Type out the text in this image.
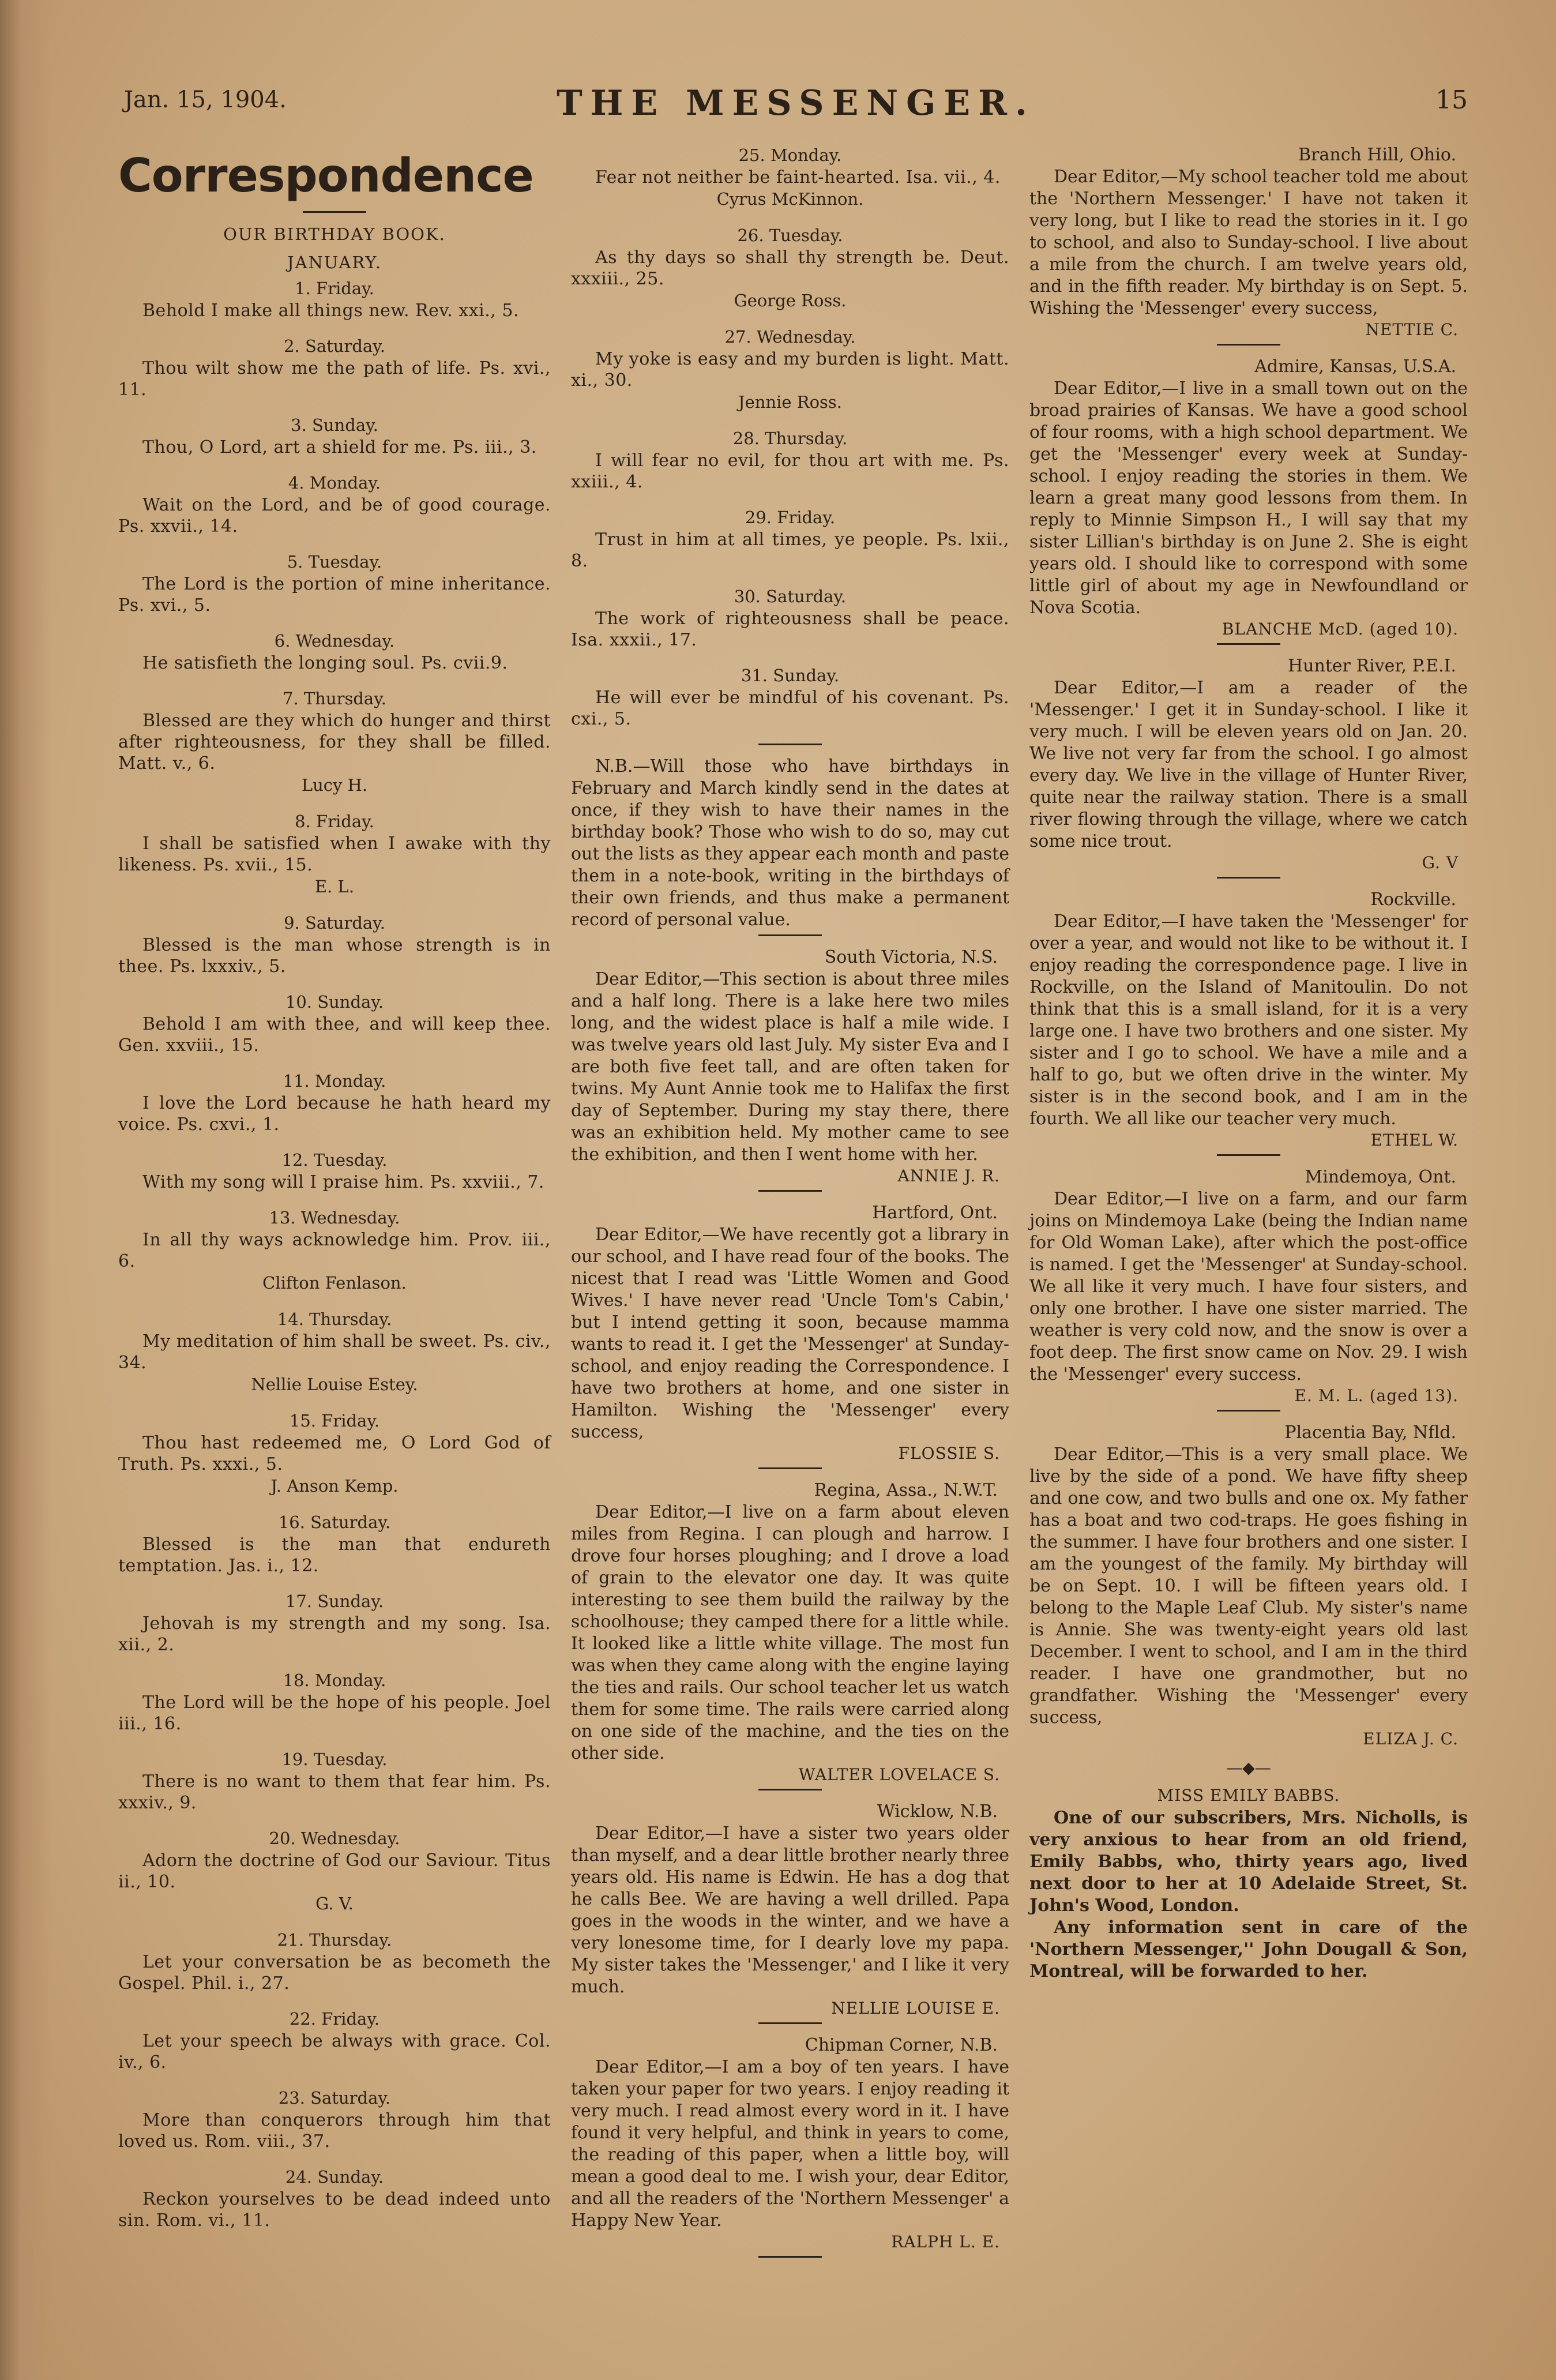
Jan. 15, 1904.	THE MESSENGER.	15

Correspondence

OUR BIRTHDAY BOOK.

JANUARY.

1. Friday.

Behold I make all things new. Rev. xxi., 5.

2. Saturday.

Thou wilt show me the path of life. Ps. xvi., 11.

3. Sunday.

Thou, O Lord, art a shield for me. Ps. iii., 3.

4. Monday.

Wait on the Lord, and be of good courage. Ps. xxvii., 14.

5. Tuesday.

The Lord is the portion of mine inheritance. Ps. xvi., 5.

6. Wednesday.

He satisfieth the longing soul. Ps. cvii.9.

7. Thursday.

Blessed are they which do hunger and thirst after righteousness, for they shall be filled. Matt. v., 6.

Lucy H.

8. Friday.

I shall be satisfied when I awake with thy likeness. Ps. xvii., 15.

E. L.

9. Saturday.

Blessed is the man whose strength is in thee. Ps. lxxxiv., 5.

10. Sunday.

Behold I am with thee, and will keep thee. Gen. xxviii., 15.

11. Monday.

I love the Lord because he hath heard my voice. Ps. cxvi., 1.

12. Tuesday.

With my song will I praise him. Ps. xxviii., 7.

13. Wednesday.

In all thy ways acknowledge him. Prov. iii., 6.

Clifton Fenlason.

14. Thursday.

My meditation of him shall be sweet. Ps. civ., 34.

Nellie Louise Estey.

15. Friday.

Thou hast redeemed me, O Lord God of Truth. Ps. xxxi., 5.

J. Anson Kemp.

16. Saturday.

Blessed is the man that endureth temptation. Jas. i., 12.

17. Sunday.

Jehovah is my strength and my song. Isa. xii., 2.

18. Monday.

The Lord will be the hope of his people. Joel iii., 16.

19. Tuesday.

There is no want to them that fear him. Ps. xxxiv., 9.

20. Wednesday.

Adorn the doctrine of God our Saviour. Titus ii., 10.

G. V.

21. Thursday.

Let your conversation be as becometh the Gospel. Phil. i., 27.

22. Friday.

Let your speech be always with grace. Col. iv., 6.

23. Saturday.

More than conquerors through him that loved us. Rom. viii., 37.

24. Sunday.

Reckon yourselves to be dead indeed unto sin. Rom. vi., 11.

25. Monday.

Fear not neither be faint-hearted. Isa. vii., 4.

Cyrus McKinnon.

26. Tuesday.

As thy days so shall thy strength be. Deut. xxxiii., 25.

George Ross.

27. Wednesday.

My yoke is easy and my burden is light. Matt. xi., 30.

Jennie Ross.

28. Thursday.

I will fear no evil, for thou art with me. Ps. xxiii., 4.

29. Friday.

Trust in him at all times, ye people. Ps. lxii., 8.

30. Saturday.

The work of righteousness shall be peace. Isa. xxxii., 17.

31. Sunday.

He will ever be mindful of his covenant. Ps. cxi., 5.

N.B.—Will those who have birthdays in February and March kindly send in the dates at once, if they wish to have their names in the birthday book? Those who wish to do so, may cut out the lists as they appear each month and paste them in a note-book, writing in the birthdays of their own friends, and thus make a permanent record of personal value.

South Victoria, N.S.

Dear Editor,—This section is about three miles and a half long. There is a lake here two miles long, and the widest place is half a mile wide. I was twelve years old last July. My sister Eva and I are both five feet tall, and are often taken for twins. My Aunt Annie took me to Halifax the first day of September. During my stay there, there was an exhibition held. My mother came to see the exhibition, and then I went home with her.

ANNIE J. R.

Hartford, Ont.

Dear Editor,—We have recently got a library in our school, and I have read four of the books. The nicest that I read was 'Little Women and Good Wives.' I have never read 'Uncle Tom's Cabin,' but I intend getting it soon, because mamma wants to read it. I get the 'Messenger' at Sunday-school, and enjoy reading the Correspondence. I have two brothers at home, and one sister in Hamilton. Wishing the 'Messenger' every success,

FLOSSIE S.

Regina, Assa., N.W.T.

Dear Editor,—I live on a farm about eleven miles from Regina. I can plough and harrow. I drove four horses ploughing; and I drove a load of grain to the elevator one day. It was quite interesting to see them build the railway by the schoolhouse; they camped there for a little while. It looked like a little white village. The most fun was when they came along with the engine laying the ties and rails. Our school teacher let us watch them for some time. The rails were carried along on one side of the machine, and the ties on the other side.

WALTER LOVELACE S.

Wicklow, N.B.

Dear Editor,—I have a sister two years older than myself, and a dear little brother nearly three years old. His name is Edwin. He has a dog that he calls Bee. We are having a well drilled. Papa goes in the woods in the winter, and we have a very lonesome time, for I dearly love my papa. My sister takes the 'Messenger,' and I like it very much.

NELLIE LOUISE E.

Chipman Corner, N.B.

Dear Editor,—I am a boy of ten years. I have taken your paper for two years. I enjoy reading it very much. I read almost every word in it. I have found it very helpful, and think in years to come, the reading of this paper, when a little boy, will mean a good deal to me. I wish your, dear Editor, and all the readers of the 'Northern Messenger' a Happy New Year.

RALPH L. E.

Branch Hill, Ohio.

Dear Editor,—My school teacher told me about the 'Northern Messenger.' I have not taken it very long, but I like to read the stories in it. I go to school, and also to Sunday-school. I live about a mile from the church. I am twelve years old, and in the fifth reader. My birthday is on Sept. 5. Wishing the 'Messenger' every success,

NETTIE C.

Admire, Kansas, U.S.A.

Dear Editor,—I live in a small town out on the broad prairies of Kansas. We have a good school of four rooms, with a high school department. We get the 'Messenger' every week at Sunday-school. I enjoy reading the stories in them. We learn a great many good lessons from them. In reply to Minnie Simpson H., I will say that my sister Lillian's birthday is on June 2. She is eight years old. I should like to correspond with some little girl of about my age in Newfoundland or Nova Scotia.

BLANCHE McD. (aged 10).

Hunter River, P.E.I.

Dear Editor,—I am a reader of the 'Messenger.' I get it in Sunday-school. I like it very much. I will be eleven years old on Jan. 20. We live not very far from the school. I go almost every day. We live in the village of Hunter River, quite near the railway station. There is a small river flowing through the village, where we catch some nice trout.

G. V

Rockville.

Dear Editor,—I have taken the 'Messenger' for over a year, and would not like to be without it. I enjoy reading the correspondence page. I live in Rockville, on the Island of Manitoulin. Do not think that this is a small island, for it is a very large one. I have two brothers and one sister. My sister and I go to school. We have a mile and a half to go, but we often drive in the winter. My sister is in the second book, and I am in the fourth. We all like our teacher very much.

ETHEL W.

Mindemoya, Ont.

Dear Editor,—I live on a farm, and our farm joins on Mindemoya Lake (being the Indian name for Old Woman Lake), after which the post-office is named. I get the 'Messenger' at Sunday-school. We all like it very much. I have four sisters, and only one brother. I have one sister married. The weather is very cold now, and the snow is over a foot deep. The first snow came on Nov. 29. I wish the 'Messenger' every success.

E. M. L. (aged 13).

Placentia Bay, Nfld.

Dear Editor,—This is a very small place. We live by the side of a pond. We have fifty sheep and one cow, and two bulls and one ox. My father has a boat and two cod-traps. He goes fishing in the summer. I have four brothers and one sister. I am the youngest of the family. My birthday will be on Sept. 10. I will be fifteen years old. I belong to the Maple Leaf Club. My sister's name is Annie. She was twenty-eight years old last December. I went to school, and I am in the third reader. I have one grandmother, but no grandfather. Wishing the 'Messenger' every success,

ELIZA J. C.

—◆—

MISS EMILY BABBS.

One of our subscribers, Mrs. Nicholls, is very anxious to hear from an old friend, Emily Babbs, who, thirty years ago, lived next door to her at 10 Adelaide Street, St. John's Wood, London.

Any information sent in care of the 'Northern Messenger,'' John Dougall & Son, Montreal, will be forwarded to her.
